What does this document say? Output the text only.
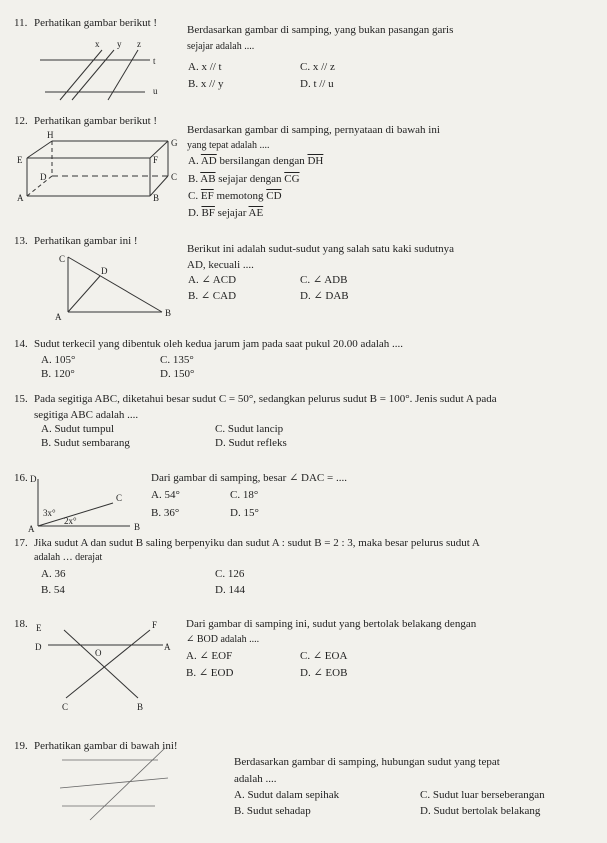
11. Perhatikan gambar berikut !
Berdasarkan gambar di samping, yang bukan pasangan garis
sejajar adalah ....
A. x // t
B. x // y
C. x // z
D. t // u
x y z
t
u
12. Perhatikan gambar berikut !
Berdasarkan gambar di samping, pernyataan di bawah ini
yang tepat adalah ....
A. $\overline{AD}$ bersilangan dengan $\overline{DH}$
B. $\overline{AB}$ sejajar dengan $\overline{CG}$
C. $\overline{EF}$ memotong $\overline{CD}$
D. $\overline{BF}$ sejajar $\overline{AE}$
H
G
E	F
D	C
A	B
13. Perhatikan gambar ini !
Berikut ini adalah sudut-sudut yang salah satu kaki sudutnya
AD, kecuali ....
A. ∠ ACD
B. ∠ CAD
C. ∠ ADB
D. ∠ DAB
C
D
A	B
14. Sudut terkecil yang dibentuk oleh kedua jarum jam pada saat pukul 20.00 adalah ....
A. 105°
B. 120°
C. 135°
D. 150°
15. Pada segitiga ABC, diketahui besar sudut C = 50°, sedangkan pelurus sudut B = 100°. Jenis sudut A pada
segitiga ABC adalah ....
A. Sudut tumpul
B. Sudut sembarang
C. Sudut lancip
D. Sudut refleks
16.	Dari gambar di samping, besar ∠ DAC = ....
A. 54°
B. 36°
C. 18°
D. 15°
D
C
A	B
3x°
2x°
17. Jika sudut A dan sudut B saling berpenyiku dan sudut A : sudut B = 2 : 3, maka besar pelurus sudut A
adalah … derajat
A. 36
B. 54
C. 126
D. 144
18.	Dari gambar di samping ini, sudut yang bertolak belakang dengan
∠ BOD adalah ....
A. ∠ EOF
B. ∠ EOD
C. ∠ EOA
D. ∠ EOB
E	F
D	A
O
C	B
19. Perhatikan gambar di bawah ini!
Berdasarkan gambar di samping, hubungan sudut yang tepat
adalah ....
A. Sudut dalam sepihak
B. Sudut sehadap
C. Sudut luar berseberangan
D. Sudut bertolak belakang
